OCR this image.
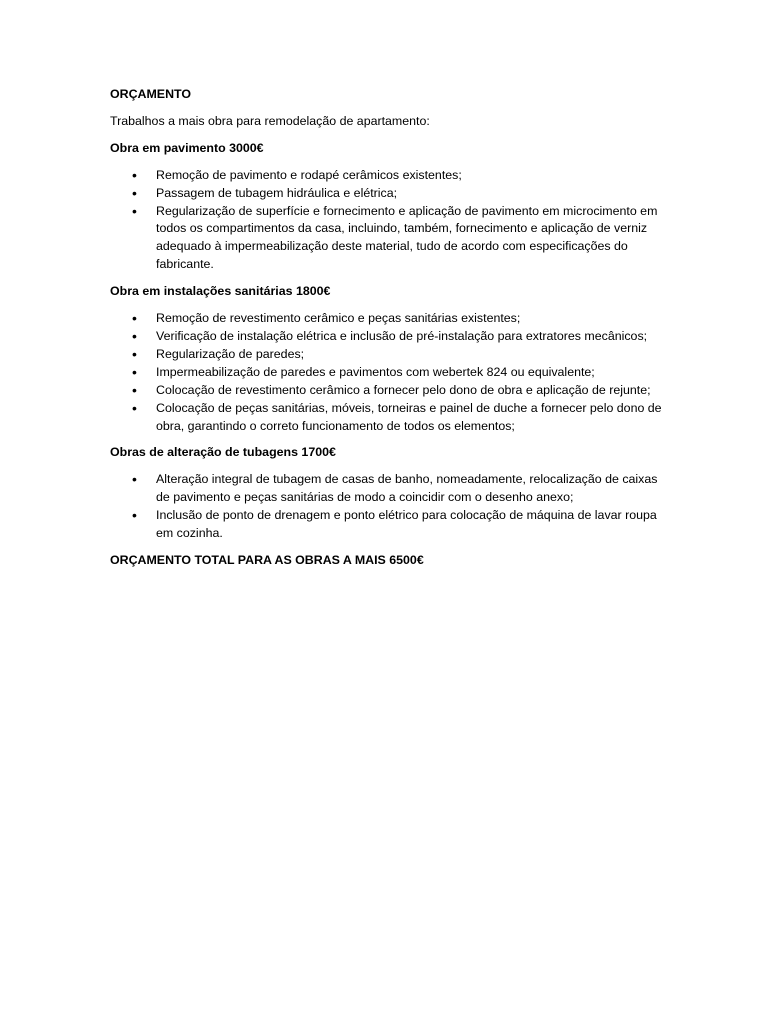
ORÇAMENTO
Trabalhos a mais obra para remodelação de apartamento:
Obra em pavimento 3000€
• Remoção de pavimento e rodapé cerâmicos existentes;
• Passagem de tubagem hidráulica e elétrica;
• Regularização de superfície e fornecimento e aplicação de pavimento em microcimento em todos os compartimentos da casa, incluindo, também, fornecimento e aplicação de verniz adequado à impermeabilização deste material, tudo de acordo com especificações do fabricante.
Obra em instalações sanitárias 1800€
• Remoção de revestimento cerâmico e peças sanitárias existentes;
• Verificação de instalação elétrica e inclusão de pré-instalação para extratores mecânicos;
• Regularização de paredes;
• Impermeabilização de paredes e pavimentos com webertek 824 ou equivalente;
• Colocação de revestimento cerâmico a fornecer pelo dono de obra e aplicação de rejunte;
• Colocação de peças sanitárias, móveis, torneiras e painel de duche a fornecer pelo dono de obra, garantindo o correto funcionamento de todos os elementos;
Obras de alteração de tubagens 1700€
• Alteração integral de tubagem de casas de banho, nomeadamente, relocalização de caixas de pavimento e peças sanitárias de modo a coincidir com o desenho anexo;
• Inclusão de ponto de drenagem e ponto elétrico para colocação de máquina de lavar roupa em cozinha.
ORÇAMENTO TOTAL PARA AS OBRAS A MAIS 6500€
